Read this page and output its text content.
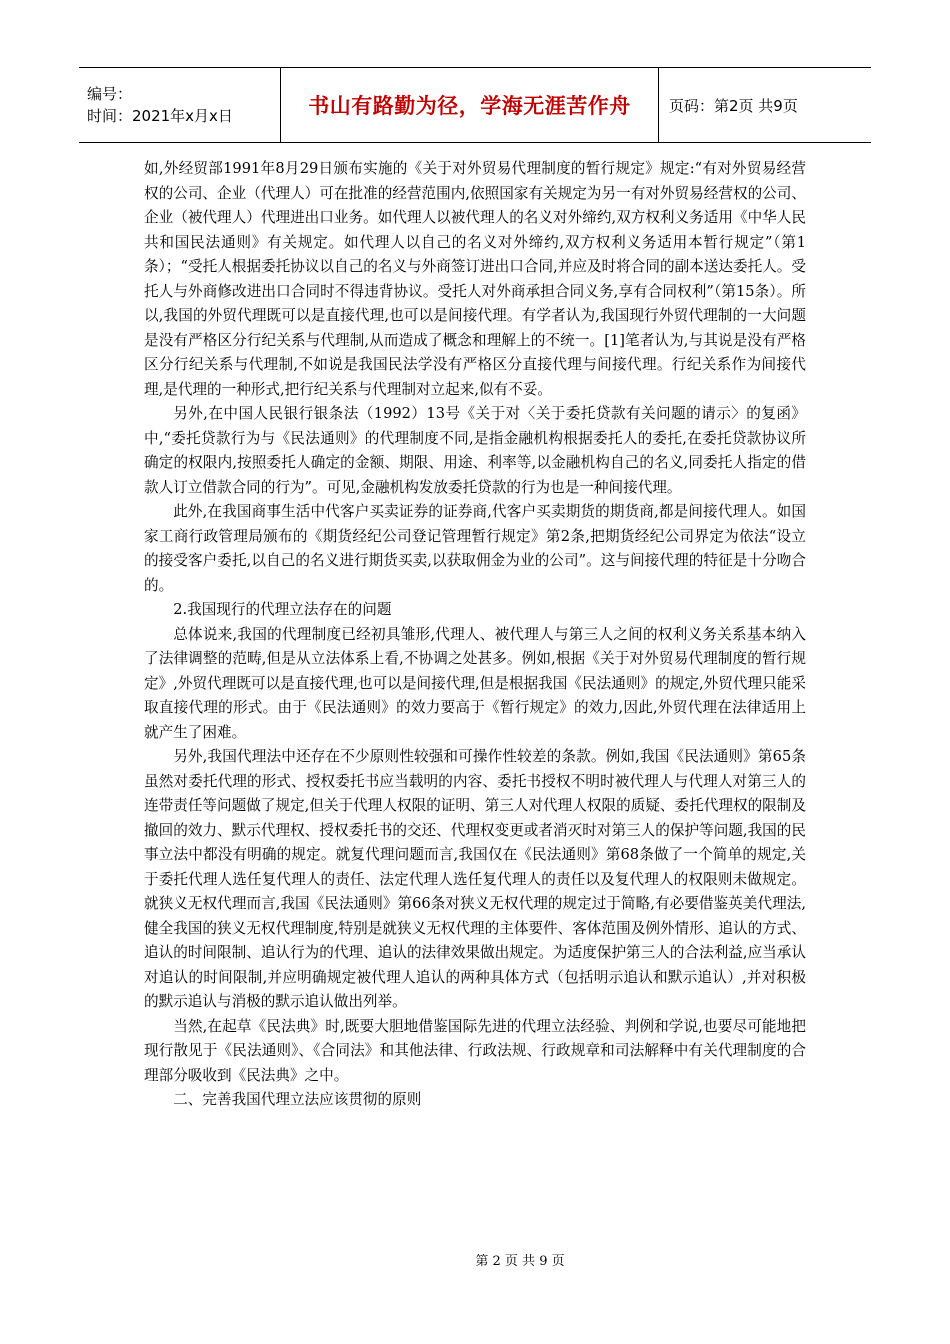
编号：
时间：2021年x月x日	书山有路勤为径，学海无涯苦作舟	页码：第2页 共9页

如,外经贸部1991年8月29日颁布实施的《关于对外贸易代理制度的暂行规定》规定:“有对外贸易经营权的公司、企业（代理人）可在批准的经营范围内,依照国家有关规定为另一有对外贸易经营权的公司、企业（被代理人）代理进出口业务。如代理人以被代理人的名义对外缔约,双方权利义务适用《中华人民共和国民法通则》有关规定。如代理人以自己的名义对外缔约,双方权利义务适用本暂行规定”（第1条）；“受托人根据委托协议以自己的名义与外商签订进出口合同,并应及时将合同的副本送达委托人。受托人与外商修改进出口合同时不得违背协议。受托人对外商承担合同义务,享有合同权利”（第15条）。所以,我国的外贸代理既可以是直接代理,也可以是间接代理。有学者认为,我国现行外贸代理制的一大问题是没有严格区分行纪关系与代理制,从而造成了概念和理解上的不统一。[1]笔者认为,与其说是没有严格区分行纪关系与代理制,不如说是我国民法学没有严格区分直接代理与间接代理。行纪关系作为间接代理,是代理的一种形式,把行纪关系与代理制对立起来,似有不妥。

另外,在中国人民银行银条法（1992）13号《关于对〈关于委托贷款有关问题的请示〉的复函》中,“委托贷款行为与《民法通则》的代理制度不同,是指金融机构根据委托人的委托,在委托贷款协议所确定的权限内,按照委托人确定的金额、期限、用途、利率等,以金融机构自己的名义,同委托人指定的借款人订立借款合同的行为”。可见,金融机构发放委托贷款的行为也是一种间接代理。

此外,在我国商事生活中代客户买卖证券的证券商,代客户买卖期货的期货商,都是间接代理人。如国家工商行政管理局颁布的《期货经纪公司登记管理暂行规定》第2条,把期货经纪公司界定为依法“设立的接受客户委托,以自己的名义进行期货买卖,以获取佣金为业的公司”。这与间接代理的特征是十分吻合的。

2.我国现行的代理立法存在的问题

总体说来,我国的代理制度已经初具雏形,代理人、被代理人与第三人之间的权利义务关系基本纳入了法律调整的范畴,但是从立法体系上看,不协调之处甚多。例如,根据《关于对外贸易代理制度的暂行规定》,外贸代理既可以是直接代理,也可以是间接代理,但是根据我国《民法通则》的规定,外贸代理只能采取直接代理的形式。由于《民法通则》的效力要高于《暂行规定》的效力,因此,外贸代理在法律适用上就产生了困难。

另外,我国代理法中还存在不少原则性较强和可操作性较差的条款。例如,我国《民法通则》第65条虽然对委托代理的形式、授权委托书应当载明的内容、委托书授权不明时被代理人与代理人对第三人的连带责任等问题做了规定,但关于代理人权限的证明、第三人对代理人权限的质疑、委托代理权的限制及撤回的效力、默示代理权、授权委托书的交还、代理权变更或者消灭时对第三人的保护等问题,我国的民事立法中都没有明确的规定。就复代理问题而言,我国仅在《民法通则》第68条做了一个简单的规定,关于委托代理人选任复代理人的责任、法定代理人选任复代理人的责任以及复代理人的权限则未做规定。就狭义无权代理而言,我国《民法通则》第66条对狭义无权代理的规定过于简略,有必要借鉴英美代理法,健全我国的狭义无权代理制度,特别是就狭义无权代理的主体要件、客体范围及例外情形、追认的方式、追认的时间限制、追认行为的代理、追认的法律效果做出规定。为适度保护第三人的合法利益,应当承认对追认的时间限制,并应明确规定被代理人追认的两种具体方式（包括明示追认和默示追认）,并对积极的默示追认与消极的默示追认做出列举。

当然,在起草《民法典》时,既要大胆地借鉴国际先进的代理立法经验、判例和学说,也要尽可能地把现行散见于《民法通则》、《合同法》和其他法律、行政法规、行政规章和司法解释中有关代理制度的合理部分吸收到《民法典》之中。

二、完善我国代理立法应该贯彻的原则

第 2 页 共 9 页
